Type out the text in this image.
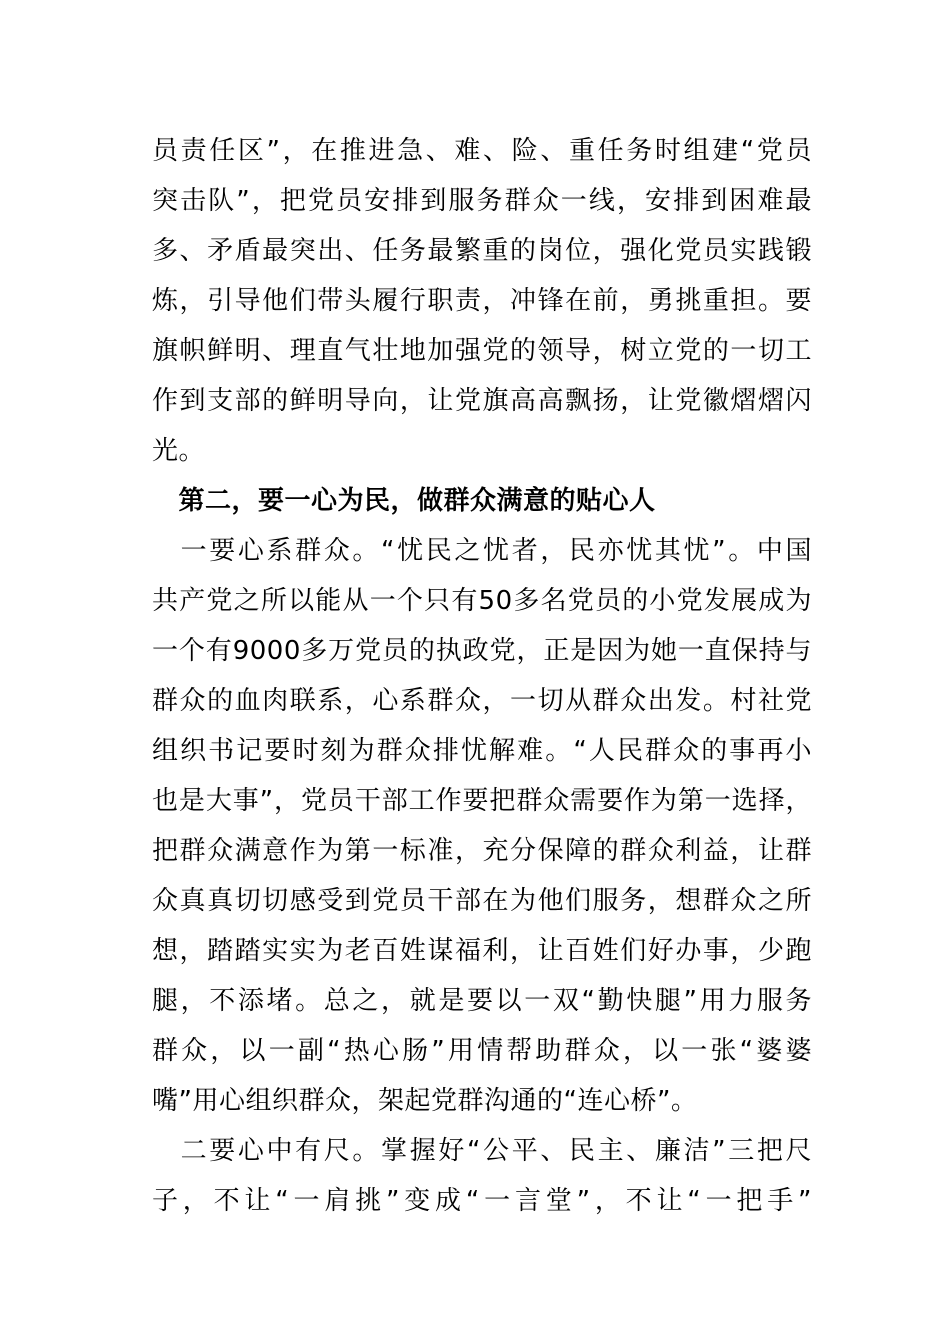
员责任区”，在推进急、难、险、重任务时组建“党员
突击队”，把党员安排到服务群众一线，安排到困难最
多、矛盾最突出、任务最繁重的岗位，强化党员实践锻
炼，引导他们带头履行职责，冲锋在前，勇挑重担。要
旗帜鲜明、理直气壮地加强党的领导，树立党的一切工
作到支部的鲜明导向，让党旗高高飘扬，让党徽熠熠闪
光。
　第二，要一心为民，做群众满意的贴心人
　一要心系群众。“忧民之忧者，民亦忧其忧”。中国
共产党之所以能从一个只有50多名党员的小党发展成为
一个有9000多万党员的执政党，正是因为她一直保持与
群众的血肉联系，心系群众，一切从群众出发。村社党
组织书记要时刻为群众排忧解难。“人民群众的事再小
也是大事”，党员干部工作要把群众需要作为第一选择，
把群众满意作为第一标准，充分保障的群众利益，让群
众真真切切感受到党员干部在为他们服务，想群众之所
想，踏踏实实为老百姓谋福利，让百姓们好办事，少跑
腿，不添堵。总之，就是要以一双“勤快腿”用力服务
群众，以一副“热心肠”用情帮助群众，以一张“婆婆
嘴”用心组织群众，架起党群沟通的“连心桥”。
　二要心中有尺。掌握好“公平、民主、廉洁”三把尺
子，不让“一肩挑”变成“一言堂”，不让“一把手”
